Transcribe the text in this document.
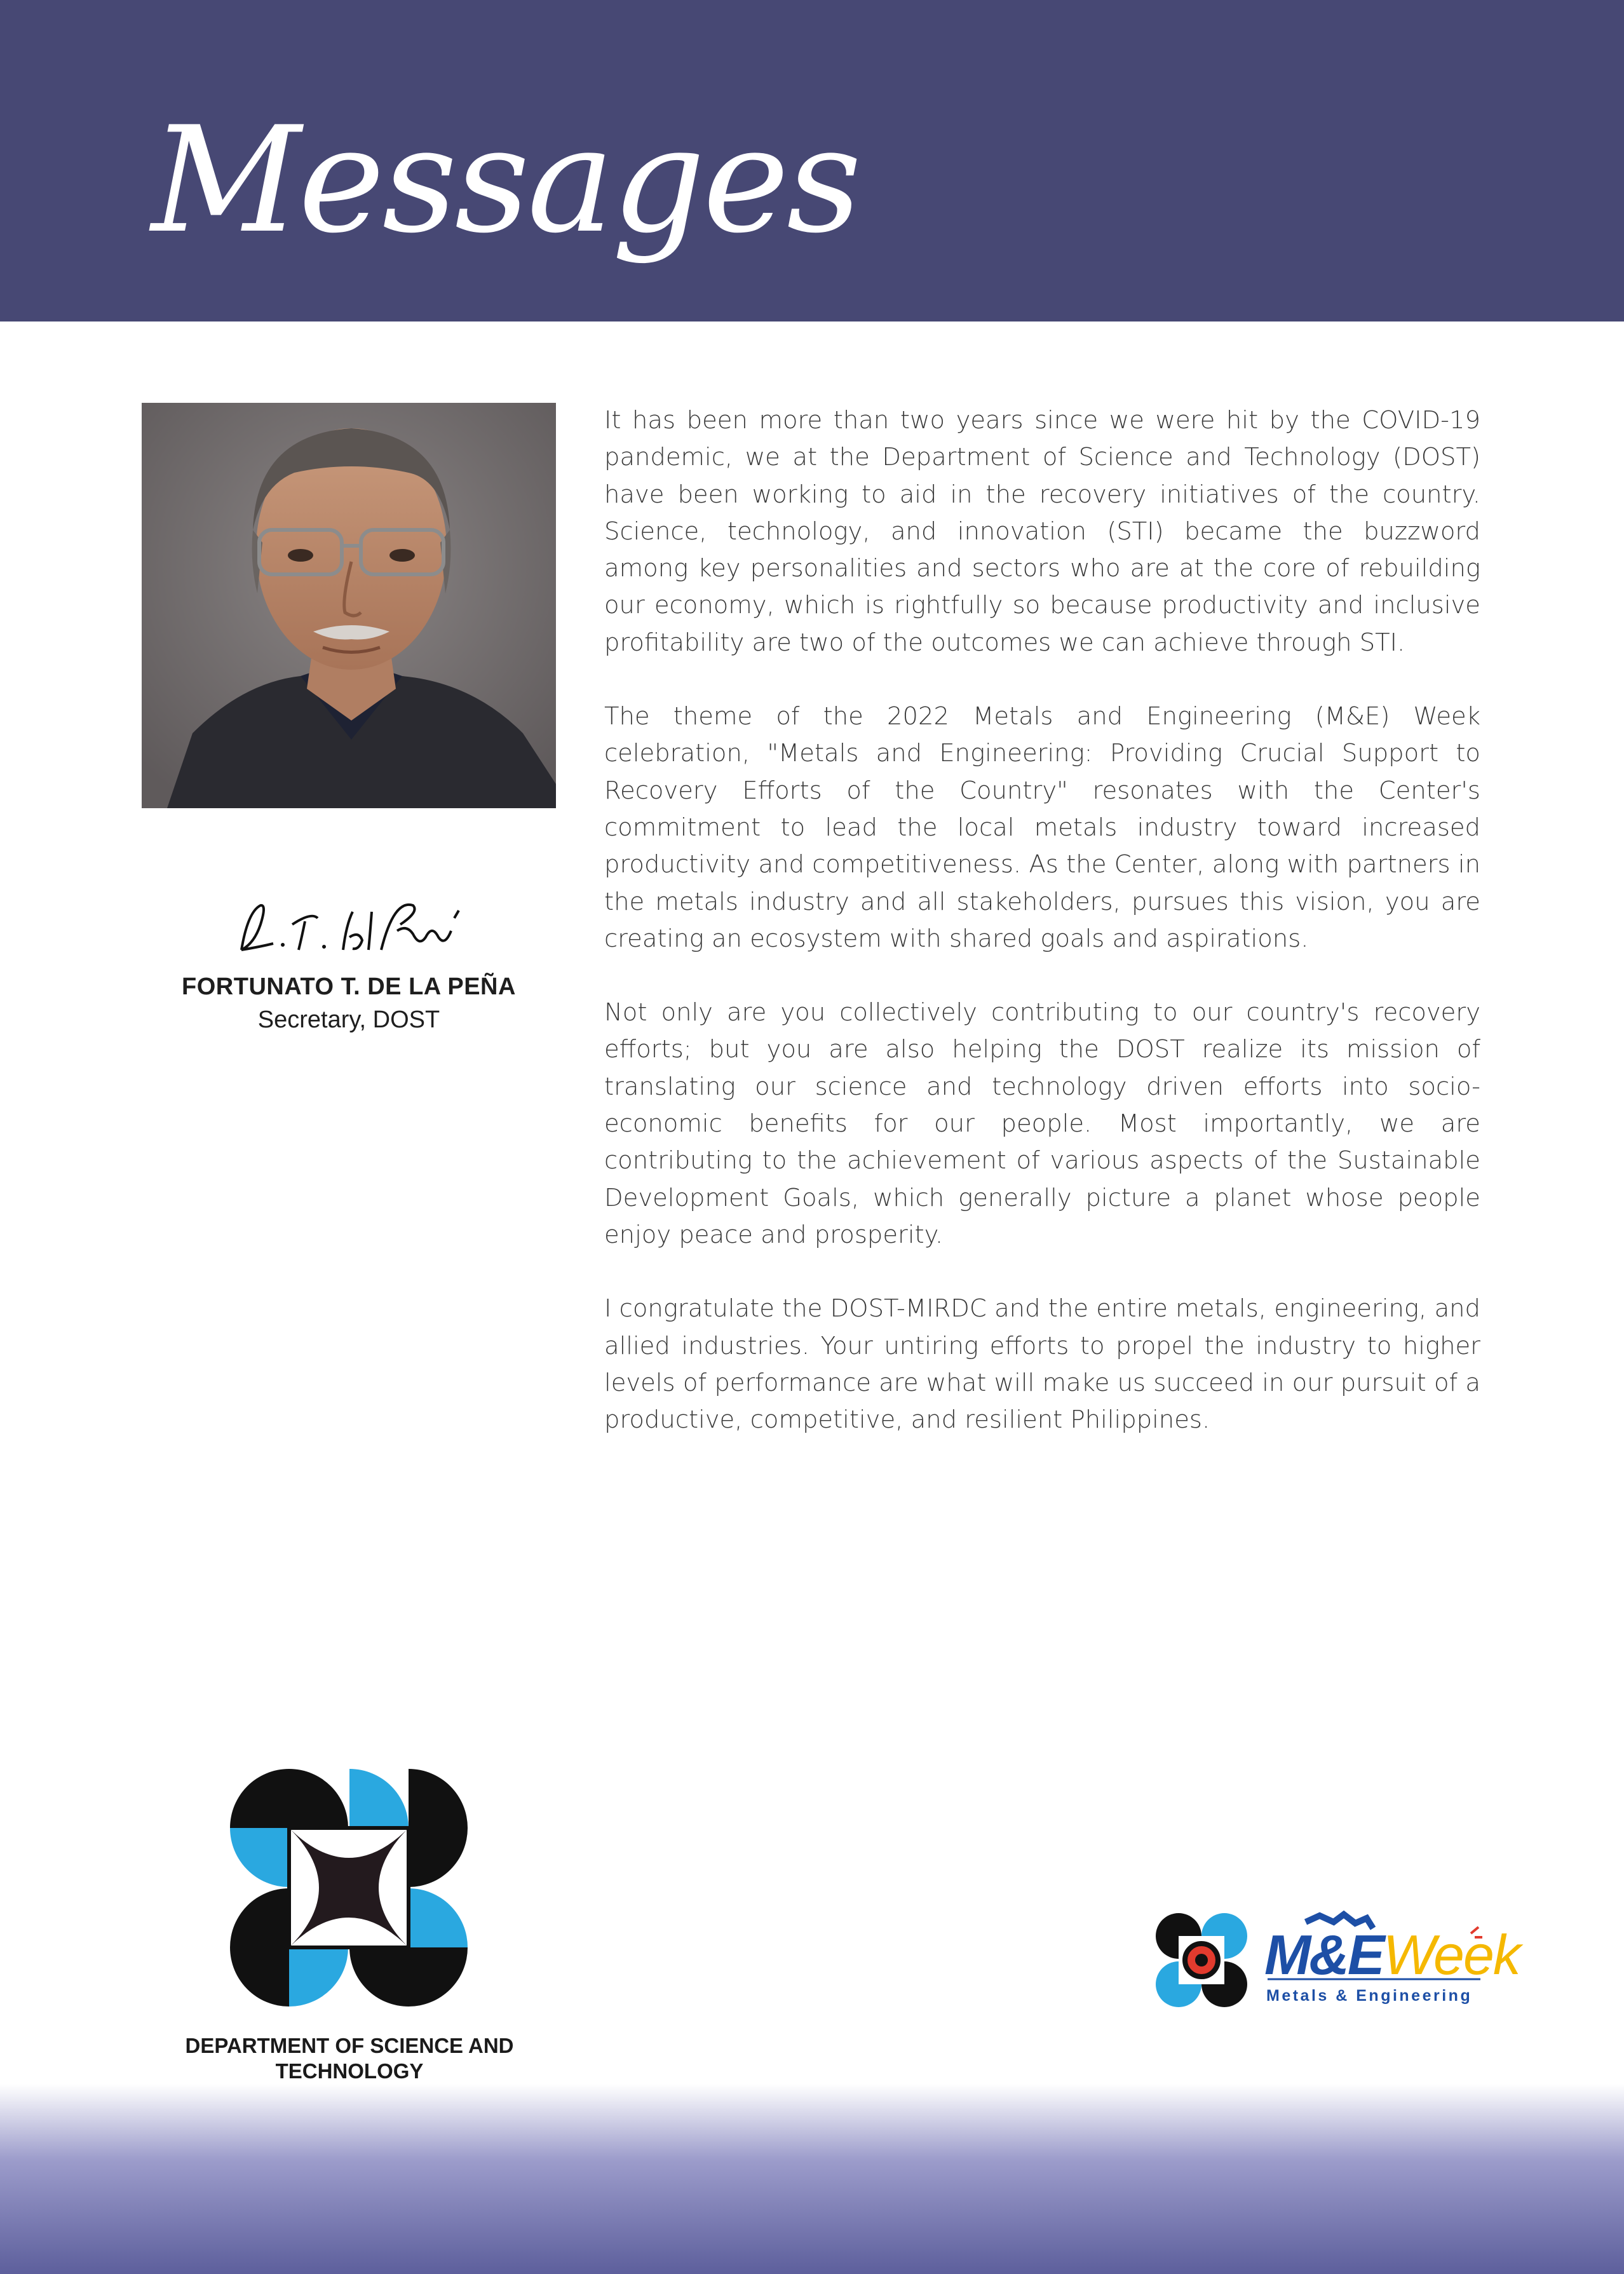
Messages
FORTUNATO T. DE LA PEÑA
Secretary, DOST

It has been more than two years since we were hit by the COVID-19 pandemic, we at the Department of Science and Technology (DOST) have been working to aid in the recovery initiatives of the country. Science, technology, and innovation (STI) became the buzzword among key personalities and sectors who are at the core of rebuilding our economy, which is rightfully so because productivity and inclusive profitability are two of the outcomes we can achieve through STI.

The theme of the 2022 Metals and Engineering (M&E) Week celebration, "Metals and Engineering: Providing Crucial Support to Recovery Efforts of the Country" resonates with the Center's commitment to lead the local metals industry toward increased productivity and competitiveness. As the Center, along with partners in the metals industry and all stakeholders, pursues this vision, you are creating an ecosystem with shared goals and aspirations.

Not only are you collectively contributing to our country's recovery efforts; but you are also helping the DOST realize its mission of translating our science and technology driven efforts into socio-economic benefits for our people. Most importantly, we are contributing to the achievement of various aspects of the Sustainable Development Goals, which generally picture a planet whose people enjoy peace and prosperity.

I congratulate the DOST-MIRDC and the entire metals, engineering, and allied industries. Your untiring efforts to propel the industry to higher levels of performance are what will make us succeed in our pursuit of a productive, competitive, and resilient Philippines.

DEPARTMENT OF SCIENCE AND
TECHNOLOGY
M&EWeek
Metals & Engineering
